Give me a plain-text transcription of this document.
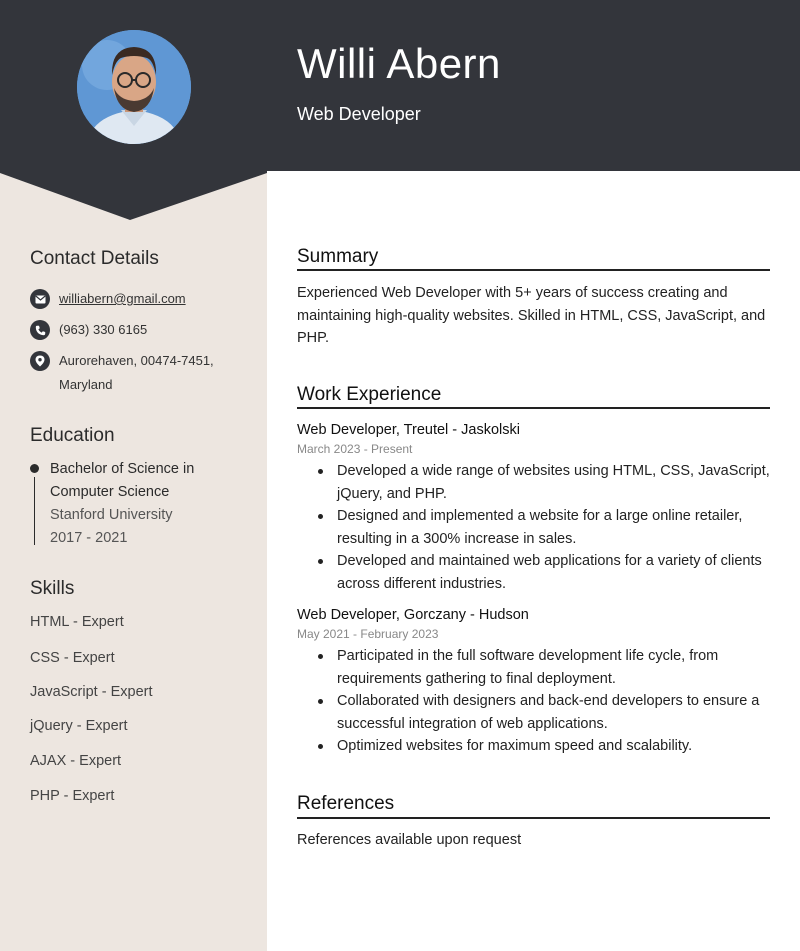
Willi Abern
Web Developer
Contact Details
williabern@gmail.com
(963) 330 6165
Aurorehaven, 00474-7451,
Maryland
Education
Bachelor of Science in Computer Science
Stanford University
2017 - 2021
Skills
HTML - Expert
CSS - Expert
JavaScript - Expert
jQuery - Expert
AJAX - Expert
PHP - Expert
Summary
Experienced Web Developer with 5+ years of success creating and maintaining high-quality websites. Skilled in HTML, CSS, JavaScript, and PHP.
Work Experience
Web Developer, Treutel - Jaskolski
March 2023 - Present
Developed a wide range of websites using HTML, CSS, JavaScript, jQuery, and PHP.
Designed and implemented a website for a large online retailer, resulting in a 300% increase in sales.
Developed and maintained web applications for a variety of clients across different industries.
Web Developer, Gorczany - Hudson
May 2021 - February 2023
Participated in the full software development life cycle, from requirements gathering to final deployment.
Collaborated with designers and back-end developers to ensure a successful integration of web applications.
Optimized websites for maximum speed and scalability.
References
References available upon request
